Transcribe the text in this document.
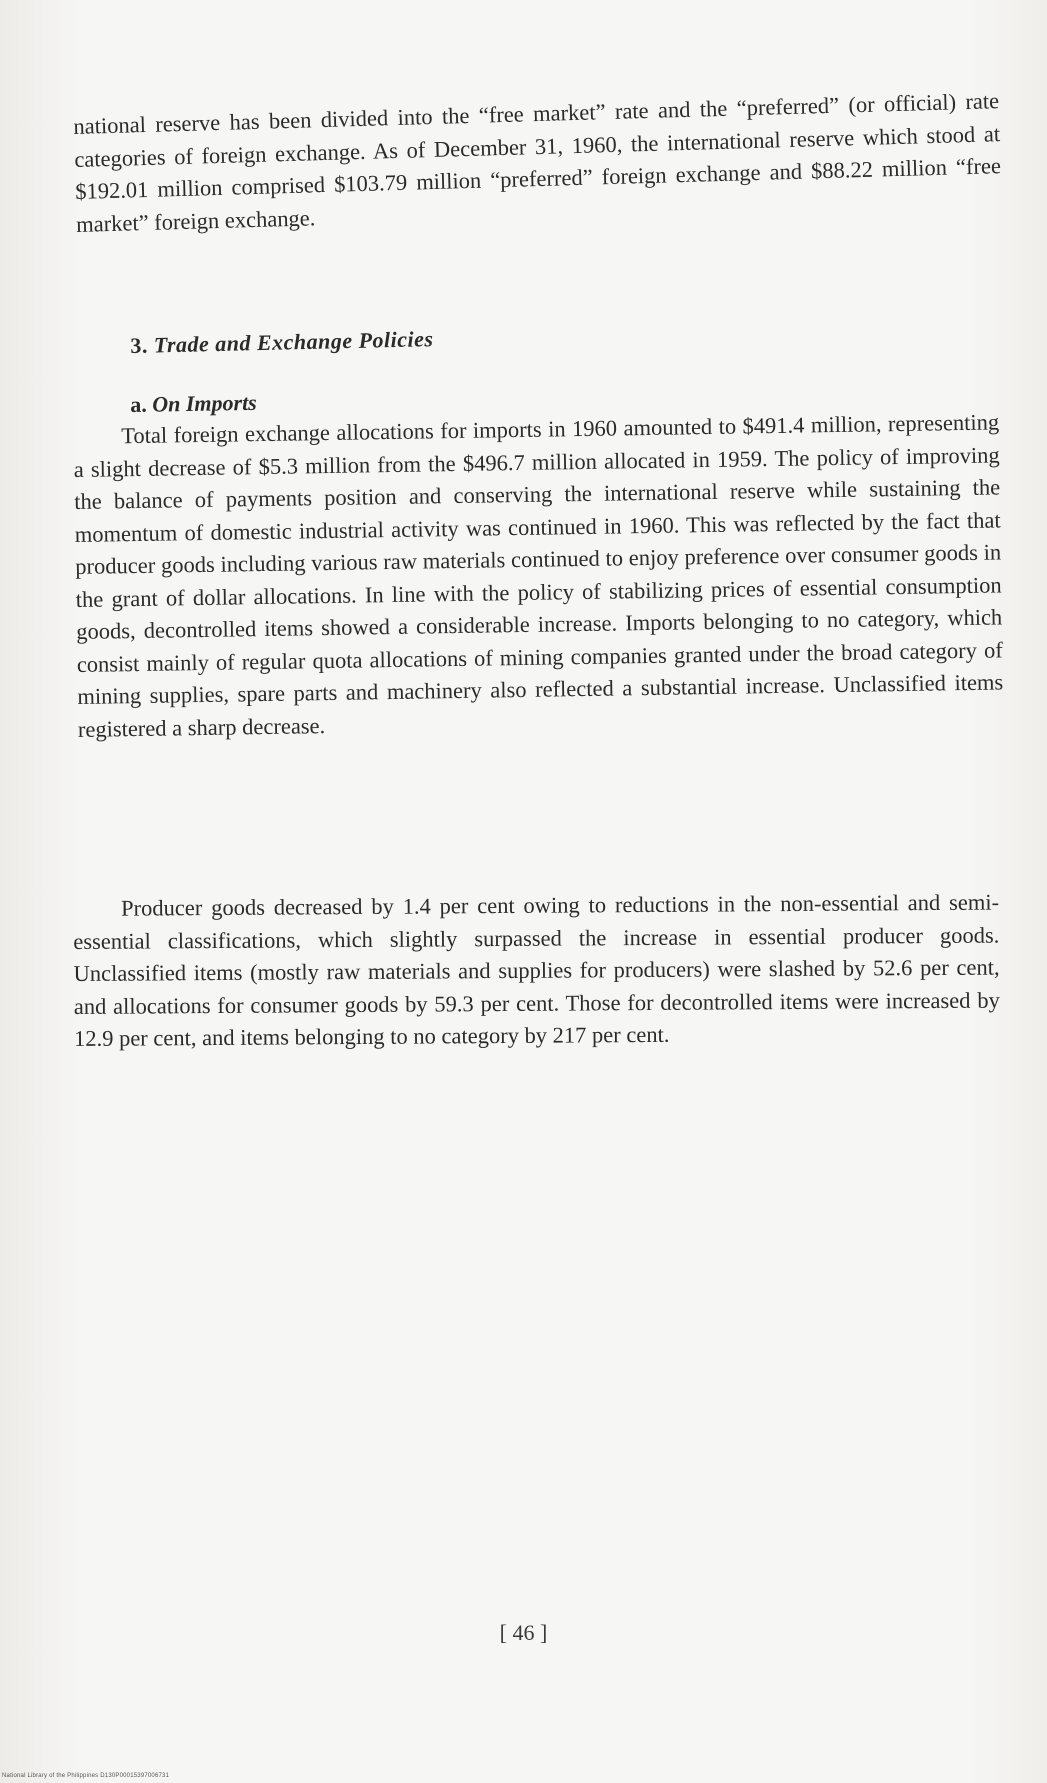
national reserve has been divided into the “free market” rate and the “preferred” (or official) rate categories of foreign exchange. As of December 31, 1960, the international reserve which stood at $192.01 million comprised $103.79 million “preferred” foreign exchange and $88.22 million “free market” foreign exchange.

3. Trade and Exchange Policies
a. On Imports

Total foreign exchange allocations for imports in 1960 amounted to $491.4 million, representing a slight decrease of $5.3 million from the $496.7 million allocated in 1959. The policy of improving the balance of payments position and conserving the international reserve while sustaining the momentum of domestic industrial activity was continued in 1960. This was reflected by the fact that producer goods including various raw materials continued to enjoy preference over consumer goods in the grant of dollar allocations. In line with the policy of stabilizing prices of essential consumption goods, decontrolled items showed a considerable increase. Imports belonging to no category, which consist mainly of regular quota allocations of mining companies granted under the broad category of mining supplies, spare parts and machinery also reflected a substantial increase. Unclassified items registered a sharp decrease.

Producer goods decreased by 1.4 per cent owing to reductions in the non-essential and semi-essential classifications, which slightly surpassed the increase in essential producer goods. Unclassified items (mostly raw materials and supplies for producers) were slashed by 52.6 per cent, and allocations for consumer goods by 59.3 per cent. Those for decontrolled items were increased by 12.9 per cent, and items belonging to no category by 217 per cent.

[ 46 ]
National Library of the Philippines D130P00015397006731
